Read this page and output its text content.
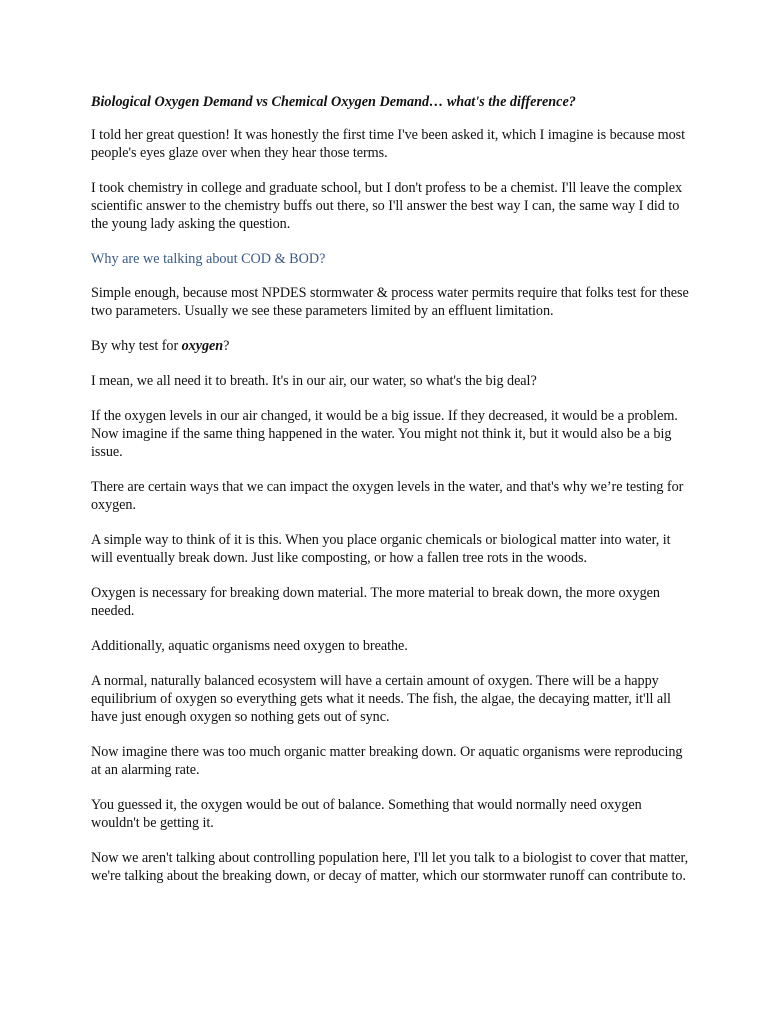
Biological Oxygen Demand vs Chemical Oxygen Demand… what's the difference?

I told her great question! It was honestly the first time I've been asked it, which I imagine is because most people's eyes glaze over when they hear those terms.

I took chemistry in college and graduate school, but I don't profess to be a chemist. I'll leave the complex scientific answer to the chemistry buffs out there, so I'll answer the best way I can, the same way I did to the young lady asking the question.

Why are we talking about COD & BOD?

Simple enough, because most NPDES stormwater & process water permits require that folks test for these two parameters. Usually we see these parameters limited by an effluent limitation.

By why test for oxygen?

I mean, we all need it to breath. It's in our air, our water, so what's the big deal?

If the oxygen levels in our air changed, it would be a big issue. If they decreased, it would be a problem. Now imagine if the same thing happened in the water. You might not think it, but it would also be a big issue.

There are certain ways that we can impact the oxygen levels in the water, and that's why we’re testing for oxygen.

A simple way to think of it is this. When you place organic chemicals or biological matter into water, it will eventually break down. Just like composting, or how a fallen tree rots in the woods.

Oxygen is necessary for breaking down material. The more material to break down, the more oxygen needed.

Additionally, aquatic organisms need oxygen to breathe.

A normal, naturally balanced ecosystem will have a certain amount of oxygen. There will be a happy equilibrium of oxygen so everything gets what it needs. The fish, the algae, the decaying matter, it'll all have just enough oxygen so nothing gets out of sync.

Now imagine there was too much organic matter breaking down. Or aquatic organisms were reproducing at an alarming rate.

You guessed it, the oxygen would be out of balance. Something that would normally need oxygen wouldn't be getting it.

Now we aren't talking about controlling population here, I'll let you talk to a biologist to cover that matter, we're talking about the breaking down, or decay of matter, which our stormwater runoff can contribute to.
